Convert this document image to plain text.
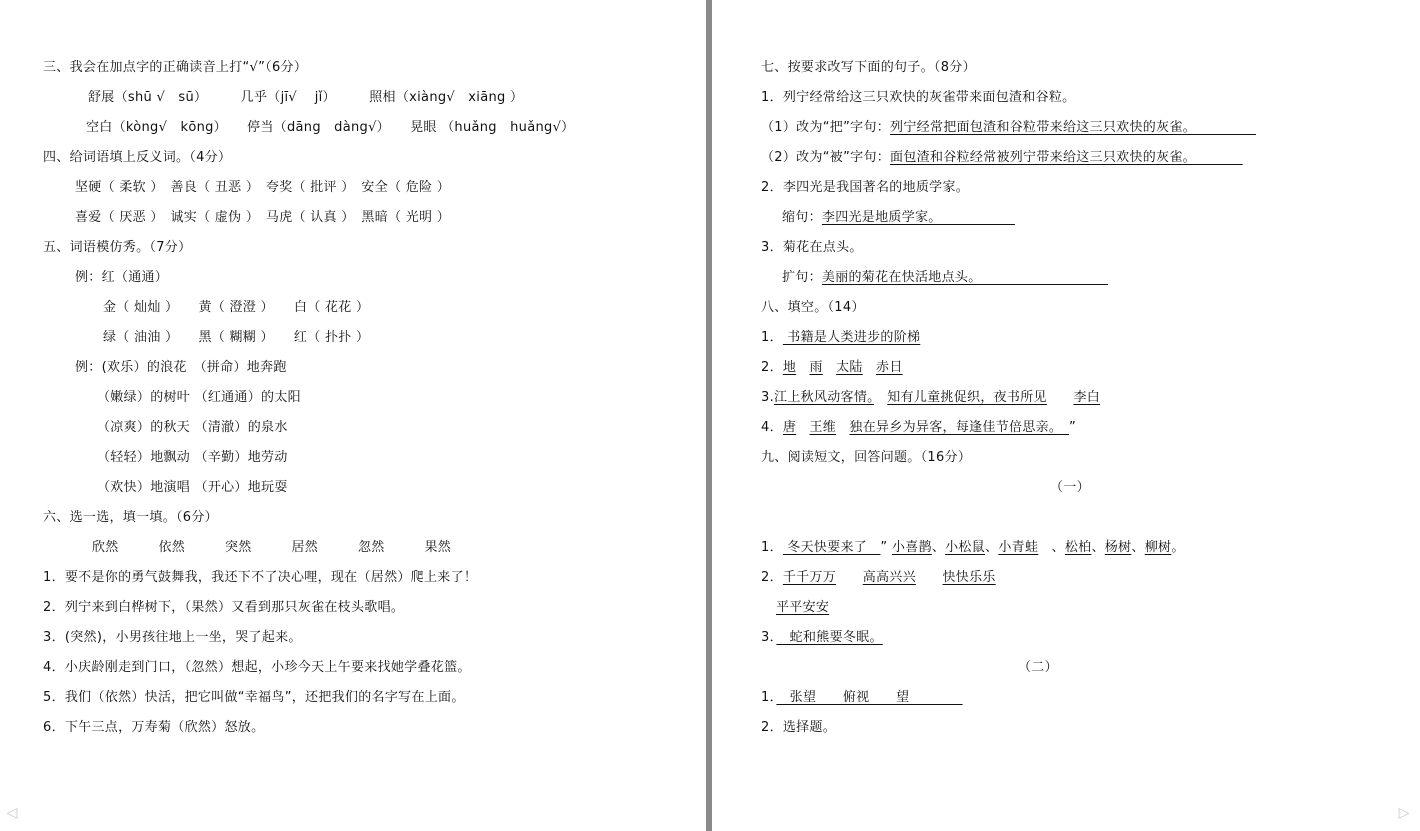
三、我会在加点字的正确读音上打“√”（6分）
舒展（shū √　sū）　　　几乎（jī√　 jǐ）　　　照相（xiàng√　xiāng ）
空白（kòng√　kōng）　　停当（dāng　dàng√）　　晃眼 （huǎng　huǎng√）
四、给词语填上反义词。（4分）
坚硬（ 柔软 ）　善良（ 丑恶 ）　夸奖（ 批评 ）　安全（ 危险 ）
喜爱（ 厌恶 ）　诚实（ 虚伪 ）　马虎（ 认真 ）　黑暗（ 光明 ）
五、词语模仿秀。（7分）
例：红（通通）
金（ 灿灿 ）　　黄（ 澄澄 ）　　白（ 花花 ）
绿（ 油油 ）　　黑（ 糊糊 ）　　红（ 扑扑 ）
例：(欢乐）的浪花　（拼命）地奔跑
（嫩绿）的树叶 （红通通）的太阳
（凉爽）的秋天 （清澈）的泉水
（轻轻）地飘动 （辛勤）地劳动
（欢快）地演唱 （开心）地玩耍
六、选一选，填一填。（6分）
欣然　　　依然　　　突然　　　居然　　　忽然　　　果然
1．要不是你的勇气鼓舞我，我还下不了决心哩，现在（居然）爬上来了！
2．列宁来到白桦树下，（果然）又看到那只灰雀在枝头歌唱。
3．(突然)，小男孩往地上一坐，哭了起来。
4．小庆龄刚走到门口，（忽然）想起，小珍今天上午要来找她学叠花篮。
5．我们（依然）快活，把它叫做“幸福鸟”，还把我们的名字写在上面。
6．下午三点，万寿菊（欣然）怒放。
七、按要求改写下面的句子。（8分）
1．列宁经常给这三只欢快的灰雀带来面包渣和谷粒。
（1）改为“把”字句：列宁经常把面包渣和谷粒带来给这三只欢快的灰雀。　　　　　
（2）改为“被”字句：面包渣和谷粒经常被列宁带来给这三只欢快的灰雀。　　　　
2．李四光是我国著名的地质学家。
缩句：李四光是地质学家。　　　　　　
3．菊花在点头。
扩句：美丽的菊花在快活地点头。　　　　　　　　　　
八、填空。（14）
1． 书籍是人类进步的阶梯
2．地　 雨　 太陆　 赤日
3.江上秋风动客情。　 知有儿童挑促织，夜书所见　　 李白
4．唐　 王维　 独在异乡为异客，每逢佳节倍思亲。　”
九、阅读短文，回答问题。（16分）
（一）
1． 冬天快要来了　” 小喜鹊、小松鼠、小青蛙　、松柏、杨树、柳树。
2．千千万万　　 高高兴兴　　 快快乐乐
平平安安
3．　蛇和熊要冬眠。
（二）
1．　张望　　俯视　　望　　　　
2．选择题。
◁	▷
